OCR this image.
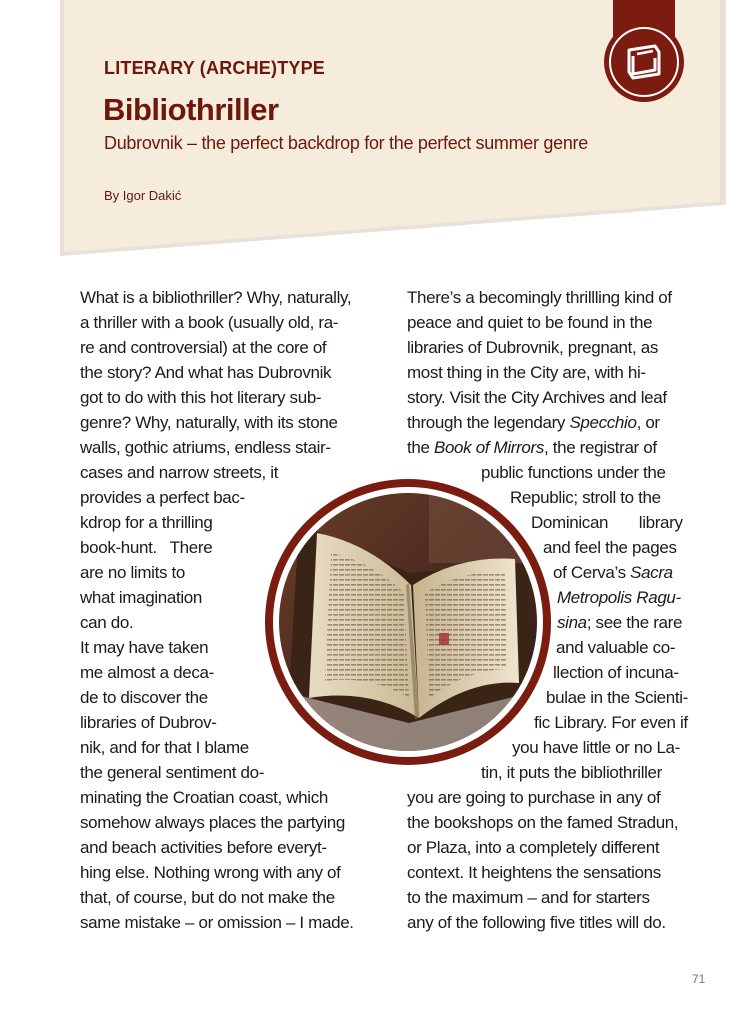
LITERARY (ARCHE)TYPE
Bibliothriller
Dubrovnik – the perfect backdrop for the perfect summer genre
By Igor Dakić
What is a bibliothriller? Why, naturally,
a thriller with a book (usually old, ra-
re and controversial) at the core of
the story? And what has Dubrovnik
got to do with this hot literary sub-
genre? Why, naturally, with its stone
walls, gothic atriums, endless stair-
cases and narrow streets, it
provides a perfect bac-
kdrop for a thrilling
book-hunt.   There
are no limits to
what imagination
can do.
It may have taken
me almost a deca-
de to discover the
libraries of Dubrov-
nik, and for that I blame
the general sentiment do-
minating the Croatian coast, which
somehow always places the partying
and beach activities before everyt-
hing else. Nothing wrong with any of
that, of course, but do not make the
same mistake – or omission – I made.
There’s a becomingly thrillling kind of
peace and quiet to be found in the
libraries of Dubrovnik, pregnant, as
most thing in the City are, with hi-
story. Visit the City Archives and leaf
through the legendary Specchio, or
the Book of Mirrors, the registrar of
public functions under the
Republic; stroll to the
Dominican       library
and feel the pages
of Cerva’s Sacra
Metropolis Ragu-
sina; see the rare
and valuable co-
llection of incuna-
bulae in the Scienti-
fic Library. For even if
you have little or no La-
tin, it puts the bibliothriller
you are going to purchase in any of
the bookshops on the famed Stradun,
or Plaza, into a completely different
context. It heightens the sensations
to the maximum – and for starters
any of the following five titles will do.
71
